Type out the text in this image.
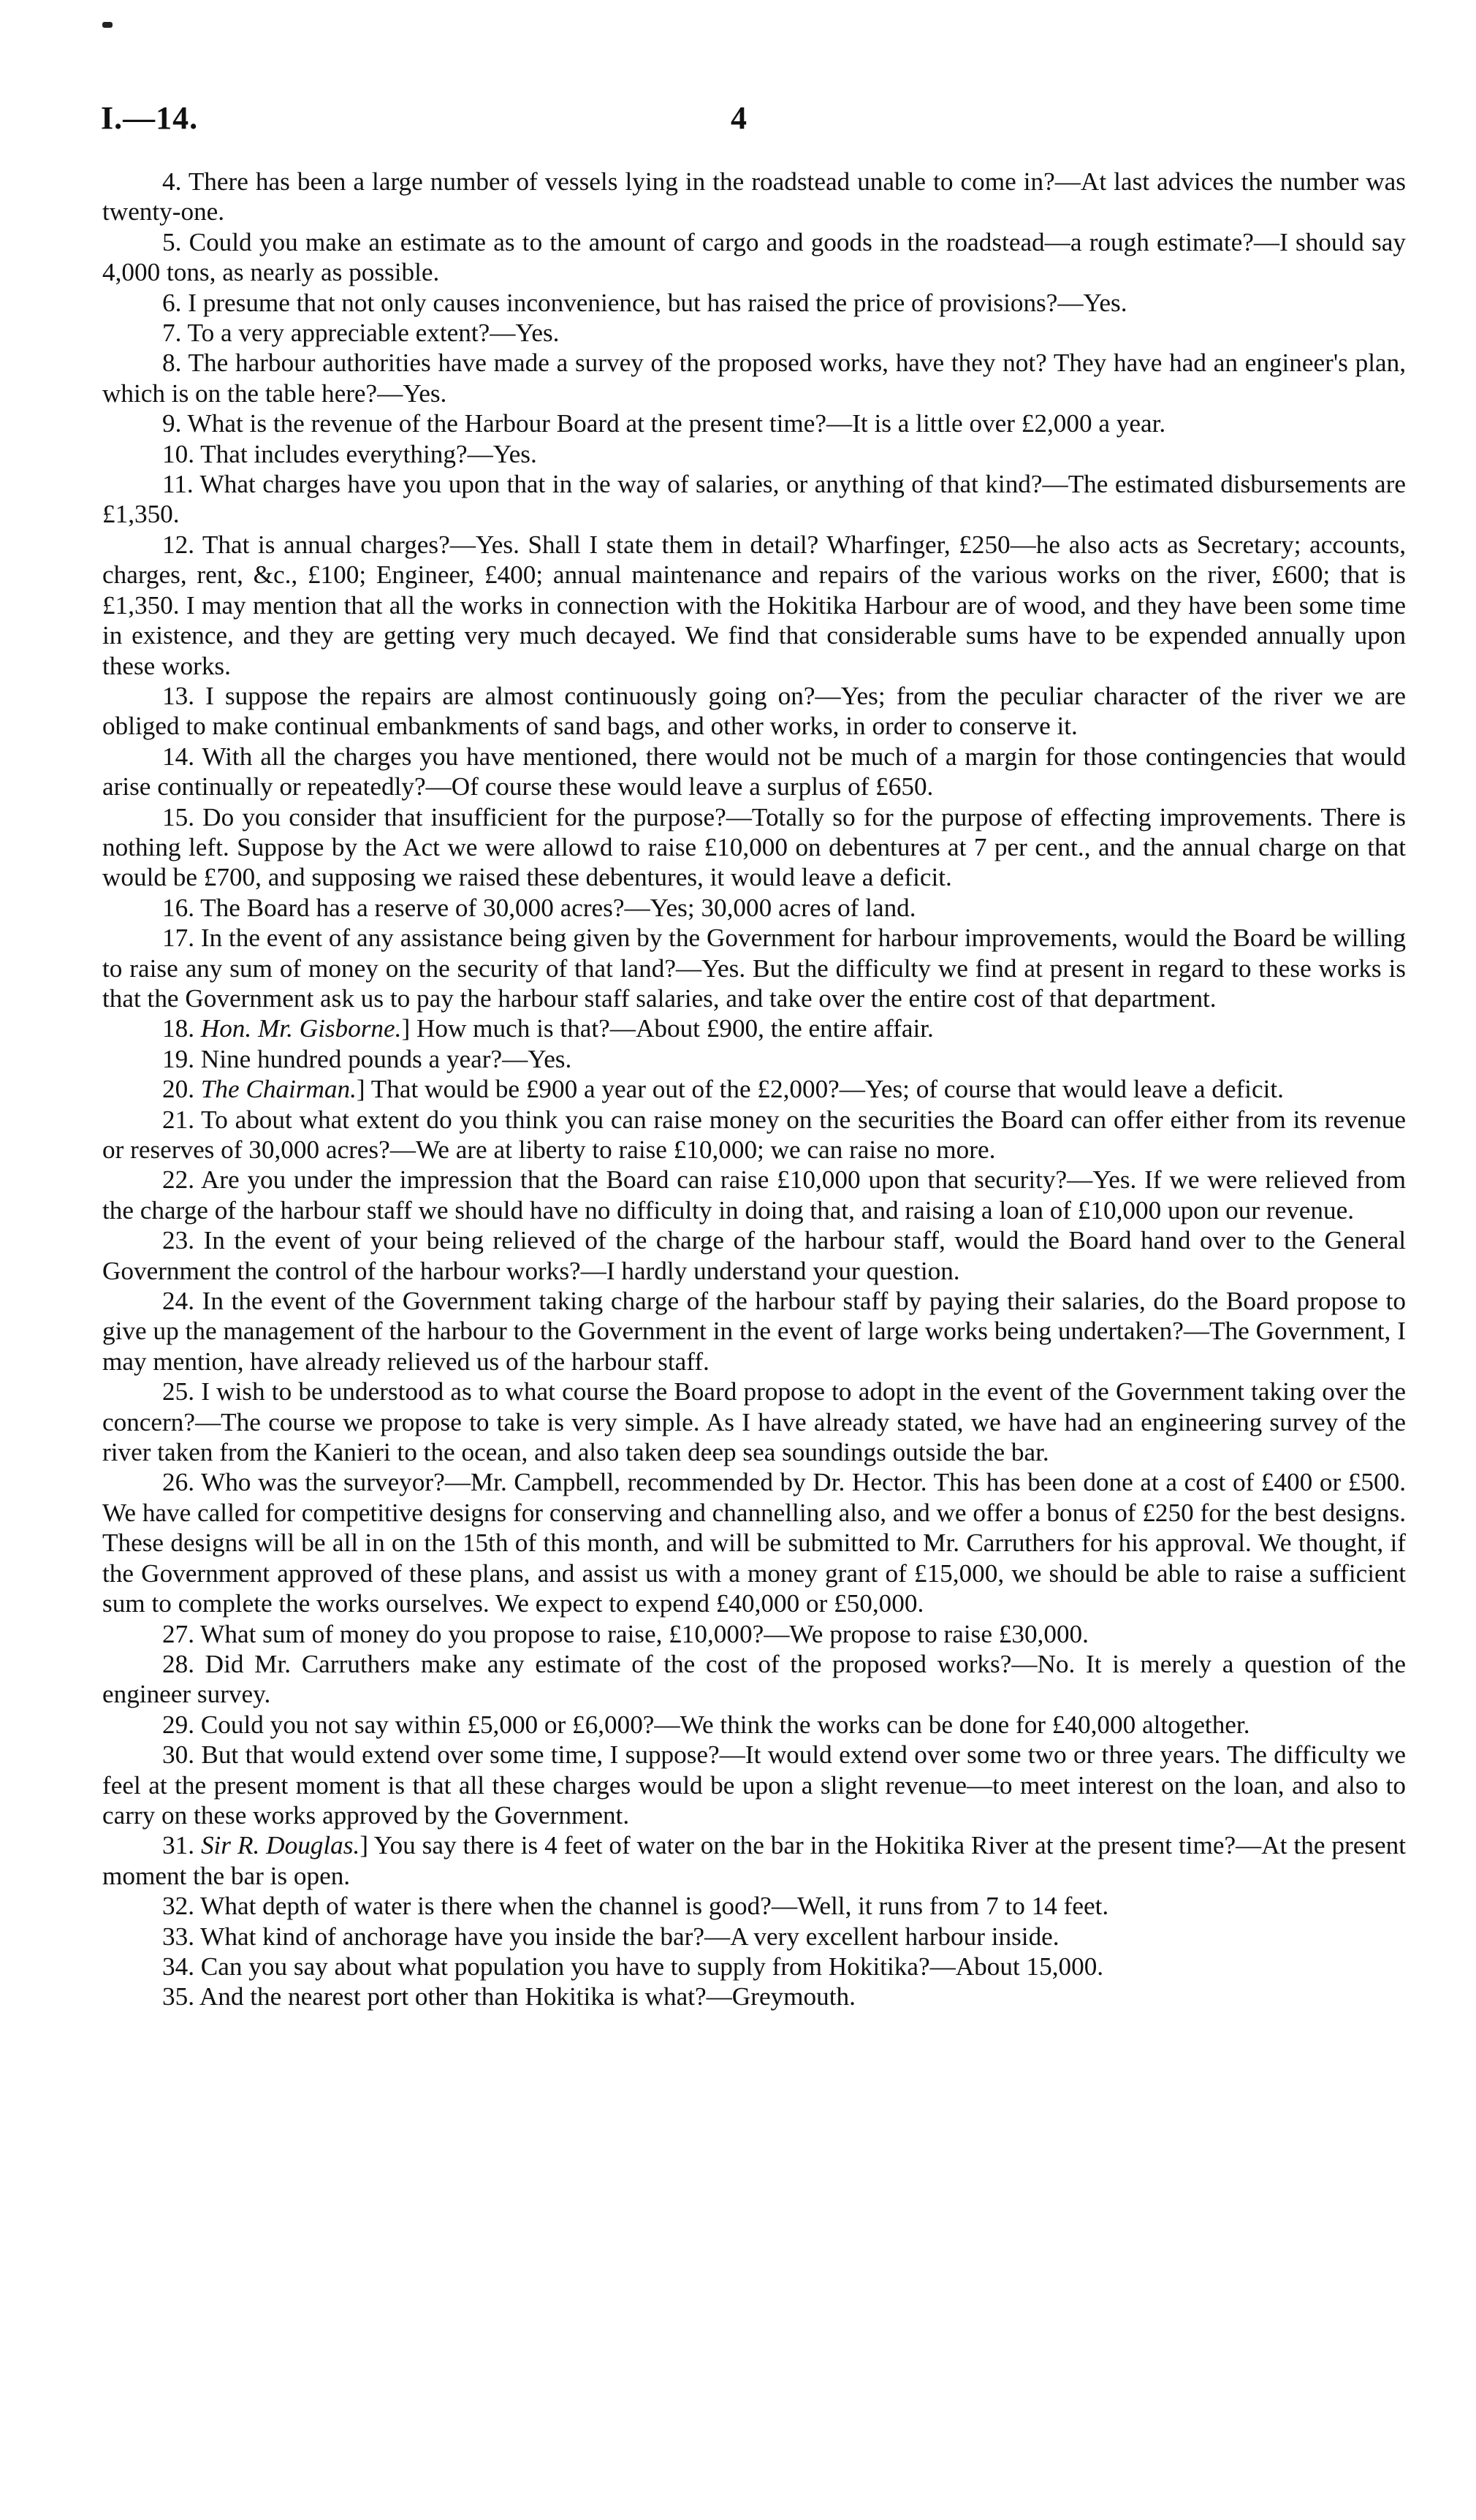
I.—14.	4

4. There has been a large number of vessels lying in the roadstead unable to come in?—At last advices the number was twenty-one.

5. Could you make an estimate as to the amount of cargo and goods in the roadstead—a rough estimate?—I should say 4,000 tons, as nearly as possible.

6. I presume that not only causes inconvenience, but has raised the price of provisions?—Yes.

7. To a very appreciable extent?—Yes.

8. The harbour authorities have made a survey of the proposed works, have they not? They have had an engineer's plan, which is on the table here?—Yes.

9. What is the revenue of the Harbour Board at the present time?—It is a little over £2,000 a year.

10. That includes everything?—Yes.

11. What charges have you upon that in the way of salaries, or anything of that kind?—The estimated disbursements are £1,350.

12. That is annual charges?—Yes. Shall I state them in detail? Wharfinger, £250—he also acts as Secretary; accounts, charges, rent, &c., £100; Engineer, £400; annual maintenance and repairs of the various works on the river, £600; that is £1,350. I may mention that all the works in connection with the Hokitika Harbour are of wood, and they have been some time in existence, and they are getting very much decayed. We find that considerable sums have to be expended annually upon these works.

13. I suppose the repairs are almost continuously going on?—Yes; from the peculiar character of the river we are obliged to make continual embankments of sand bags, and other works, in order to conserve it.

14. With all the charges you have mentioned, there would not be much of a margin for those contingencies that would arise continually or repeatedly?—Of course these would leave a surplus of £650.

15. Do you consider that insufficient for the purpose?—Totally so for the purpose of effecting improvements. There is nothing left. Suppose by the Act we were allowd to raise £10,000 on debentures at 7 per cent., and the annual charge on that would be £700, and supposing we raised these debentures, it would leave a deficit.

16. The Board has a reserve of 30,000 acres?—Yes; 30,000 acres of land.

17. In the event of any assistance being given by the Government for harbour improvements, would the Board be willing to raise any sum of money on the security of that land?—Yes. But the difficulty we find at present in regard to these works is that the Government ask us to pay the harbour staff salaries, and take over the entire cost of that department.

18. Hon. Mr. Gisborne.] How much is that?—About £900, the entire affair.

19. Nine hundred pounds a year?—Yes.

20. The Chairman.] That would be £900 a year out of the £2,000?—Yes; of course that would leave a deficit.

21. To about what extent do you think you can raise money on the securities the Board can offer either from its revenue or reserves of 30,000 acres?—We are at liberty to raise £10,000; we can raise no more.

22. Are you under the impression that the Board can raise £10,000 upon that security?—Yes. If we were relieved from the charge of the harbour staff we should have no difficulty in doing that, and raising a loan of £10,000 upon our revenue.

23. In the event of your being relieved of the charge of the harbour staff, would the Board hand over to the General Government the control of the harbour works?—I hardly understand your question.

24. In the event of the Government taking charge of the harbour staff by paying their salaries, do the Board propose to give up the management of the harbour to the Government in the event of large works being undertaken?—The Government, I may mention, have already relieved us of the harbour staff.

25. I wish to be understood as to what course the Board propose to adopt in the event of the Government taking over the concern?—The course we propose to take is very simple. As I have already stated, we have had an engineering survey of the river taken from the Kanieri to the ocean, and also taken deep sea soundings outside the bar.

26. Who was the surveyor?—Mr. Campbell, recommended by Dr. Hector. This has been done at a cost of £400 or £500. We have called for competitive designs for conserving and channelling also, and we offer a bonus of £250 for the best designs. These designs will be all in on the 15th of this month, and will be submitted to Mr. Carruthers for his approval. We thought, if the Government approved of these plans, and assist us with a money grant of £15,000, we should be able to raise a sufficient sum to complete the works ourselves. We expect to expend £40,000 or £50,000.

27. What sum of money do you propose to raise, £10,000?—We propose to raise £30,000.

28. Did Mr. Carruthers make any estimate of the cost of the proposed works?—No. It is merely a question of the engineer survey.

29. Could you not say within £5,000 or £6,000?—We think the works can be done for £40,000 altogether.

30. But that would extend over some time, I suppose?—It would extend over some two or three years. The difficulty we feel at the present moment is that all these charges would be upon a slight revenue—to meet interest on the loan, and also to carry on these works approved by the Government.

31. Sir R. Douglas.] You say there is 4 feet of water on the bar in the Hokitika River at the present time?—At the present moment the bar is open.

32. What depth of water is there when the channel is good?—Well, it runs from 7 to 14 feet.

33. What kind of anchorage have you inside the bar?—A very excellent harbour inside.

34. Can you say about what population you have to supply from Hokitika?—About 15,000.

35. And the nearest port other than Hokitika is what?—Greymouth.
